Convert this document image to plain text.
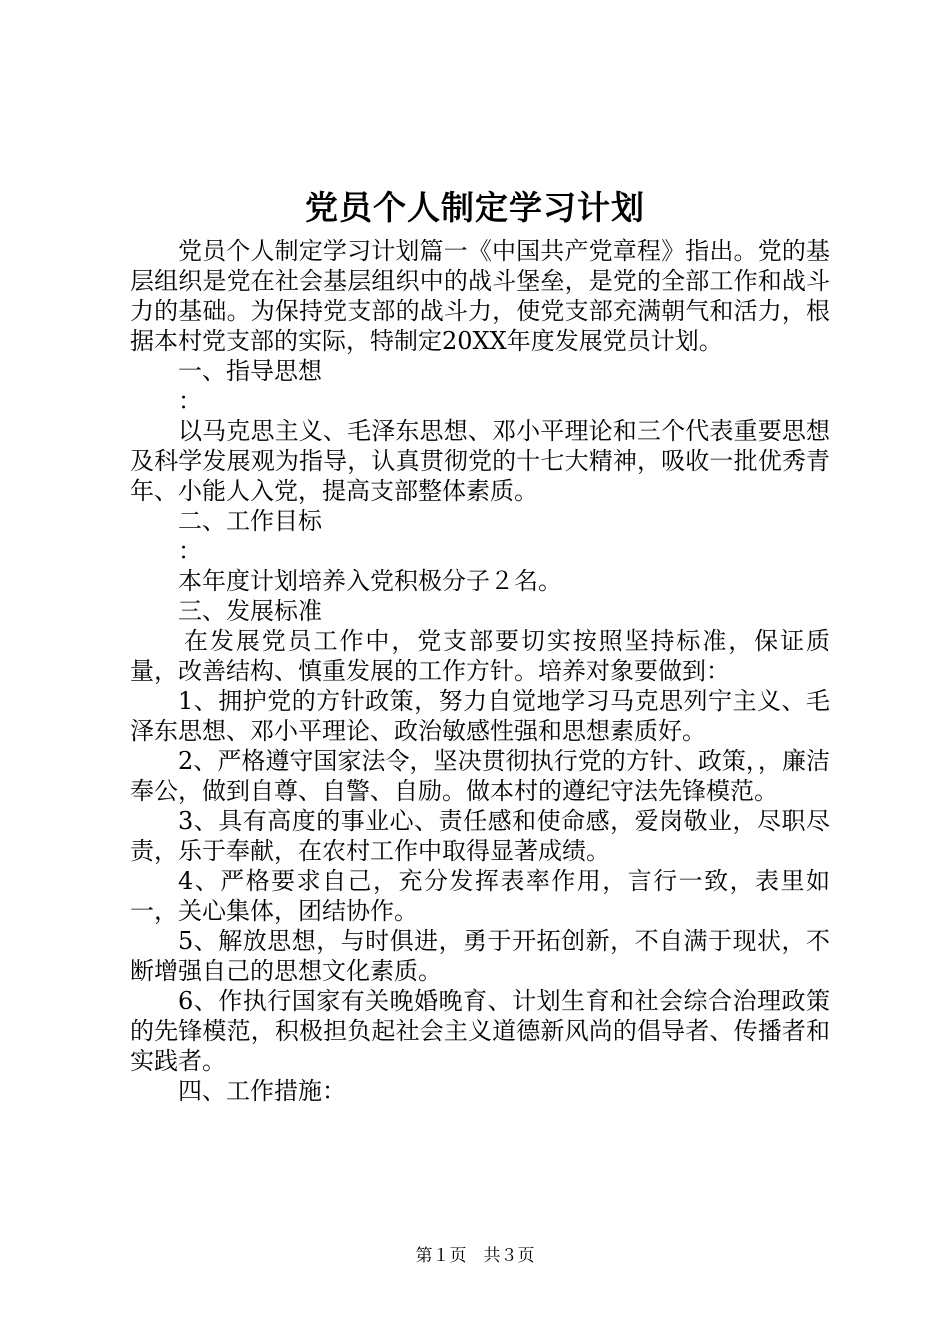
党员个人制定学习计划

党员个人制定学习计划篇一《中国共产党章程》指出。党的基层组织是党在社会基层组织中的战斗堡垒，是党的全部工作和战斗力的基础。为保持党支部的战斗力，使党支部充满朝气和活力，根据本村党支部的实际，特制定20XX年度发展党员计划。

一、指导思想

：

以马克思主义、毛泽东思想、邓小平理论和三个代表重要思想及科学发展观为指导，认真贯彻党的十七大精神，吸收一批优秀青年、小能人入党，提高支部整体素质。

二、工作目标

：

本年度计划培养入党积极分子２名。

三、发展标准

在发展党员工作中，党支部要切实按照坚持标准，保证质量，改善结构、慎重发展的工作方针。培养对象要做到：

1、拥护党的方针政策，努力自觉地学习马克思列宁主义、毛泽东思想、邓小平理论、政治敏感性强和思想素质好。

2、严格遵守国家法令，坚决贯彻执行党的方针、政策，，廉洁奉公，做到自尊、自警、自励。做本村的遵纪守法先锋模范。

3、具有高度的事业心、责任感和使命感，爱岗敬业，尽职尽责，乐于奉献，在农村工作中取得显著成绩。

4、严格要求自己，充分发挥表率作用，言行一致，表里如一，关心集体，团结协作。

5、解放思想，与时俱进，勇于开拓创新，不自满于现状，不断增强自己的思想文化素质。

6、作执行国家有关晚婚晚育、计划生育和社会综合治理政策的先锋模范，积极担负起社会主义道德新风尚的倡导者、传播者和实践者。

四、工作措施：

第１页　共３页
